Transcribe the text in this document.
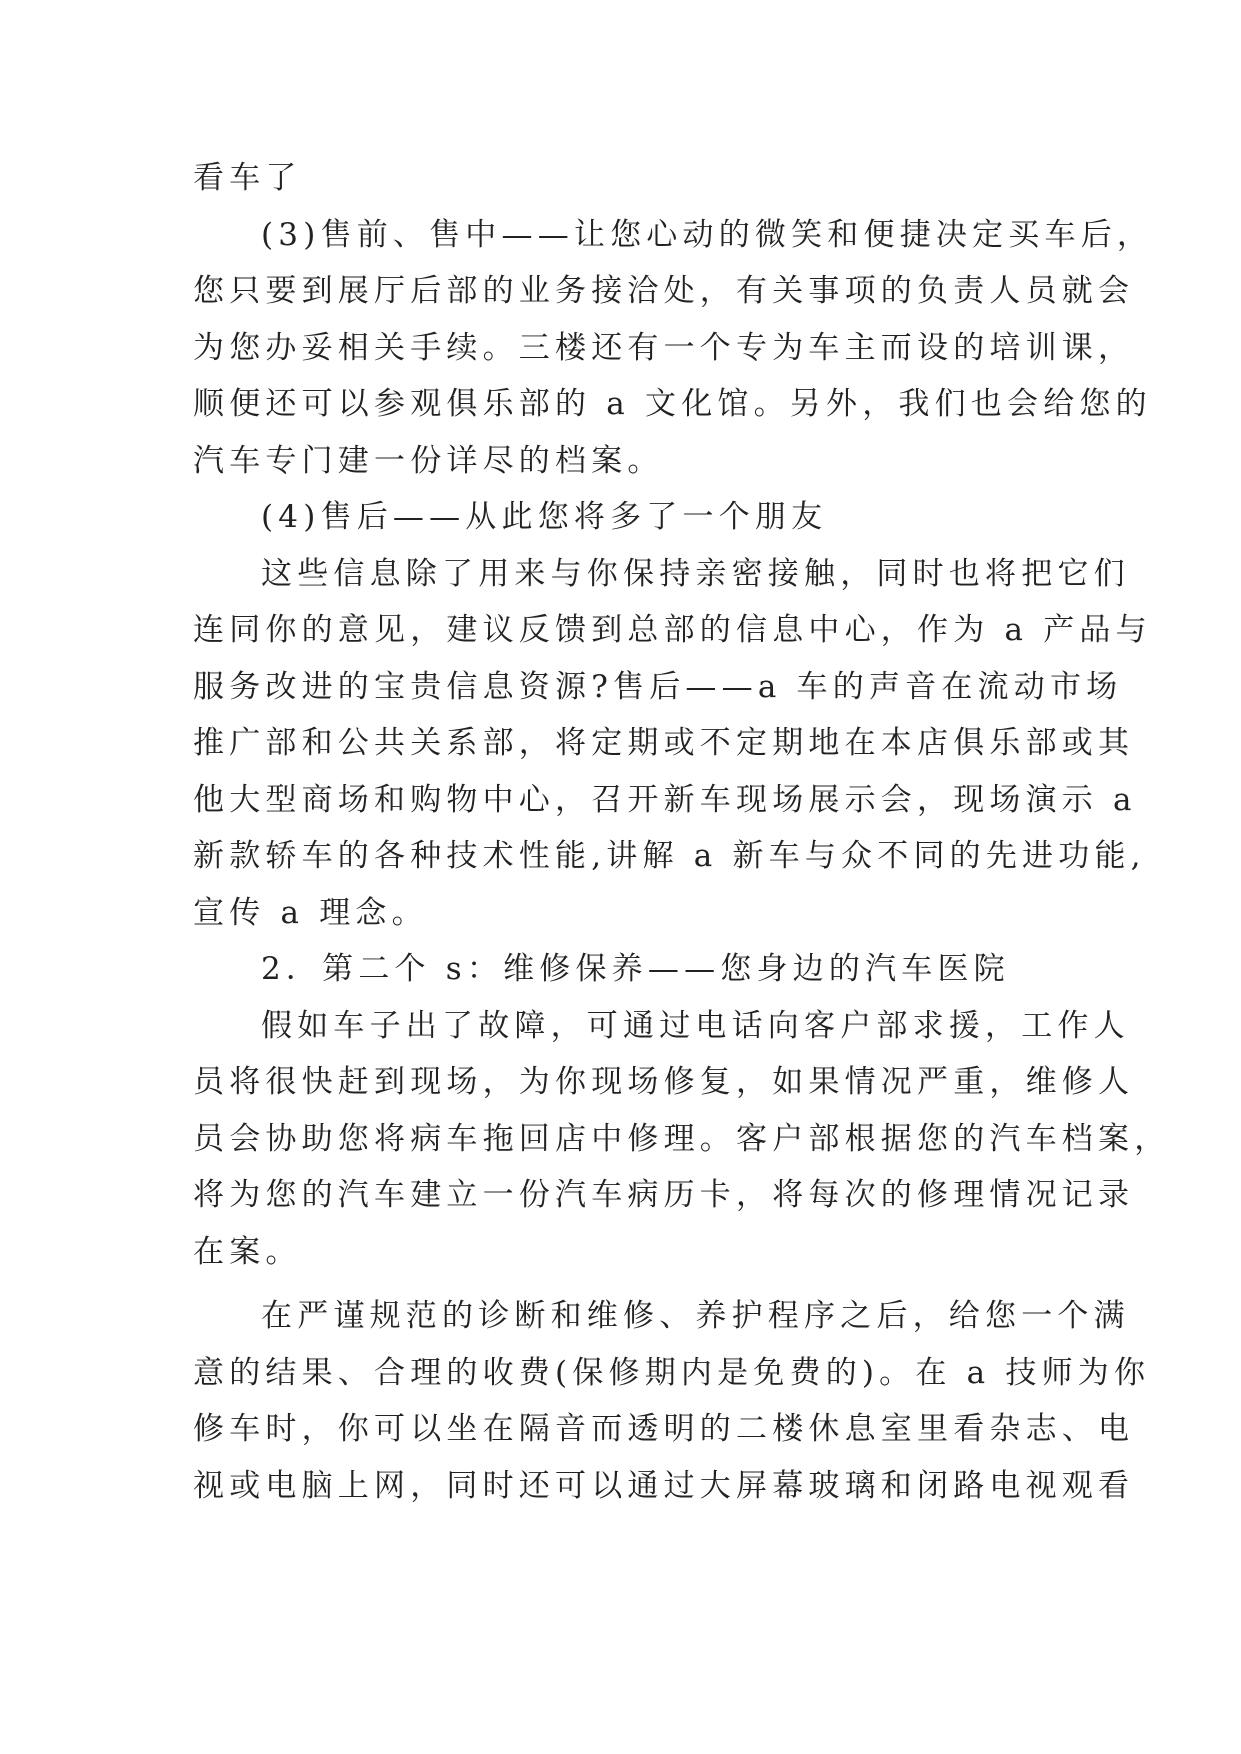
看车了
(3)售前、售中——让您心动的微笑和便捷决定买车后，
您只要到展厅后部的业务接洽处，有关事项的负责人员就会
为您办妥相关手续。三楼还有一个专为车主而设的培训课，
顺便还可以参观俱乐部的 a 文化馆。另外，我们也会给您的
汽车专门建一份详尽的档案。
(4)售后——从此您将多了一个朋友
这些信息除了用来与你保持亲密接触，同时也将把它们
连同你的意见，建议反馈到总部的信息中心，作为 a 产品与
服务改进的宝贵信息资源?售后——a 车的声音在流动市场
推广部和公共关系部，将定期或不定期地在本店俱乐部或其
他大型商场和购物中心，召开新车现场展示会，现场演示 a
新款轿车的各种技术性能,讲解 a 新车与众不同的先进功能,
宣传 a 理念。
2．第二个 s：维修保养——您身边的汽车医院
假如车子出了故障，可通过电话向客户部求援，工作人
员将很快赶到现场，为你现场修复，如果情况严重，维修人
员会协助您将病车拖回店中修理。客户部根据您的汽车档案，
将为您的汽车建立一份汽车病历卡，将每次的修理情况记录
在案。
在严谨规范的诊断和维修、养护程序之后，给您一个满
意的结果、合理的收费(保修期内是免费的)。在 a 技师为你
修车时，你可以坐在隔音而透明的二楼休息室里看杂志、电
视或电脑上网，同时还可以通过大屏幕玻璃和闭路电视观看
